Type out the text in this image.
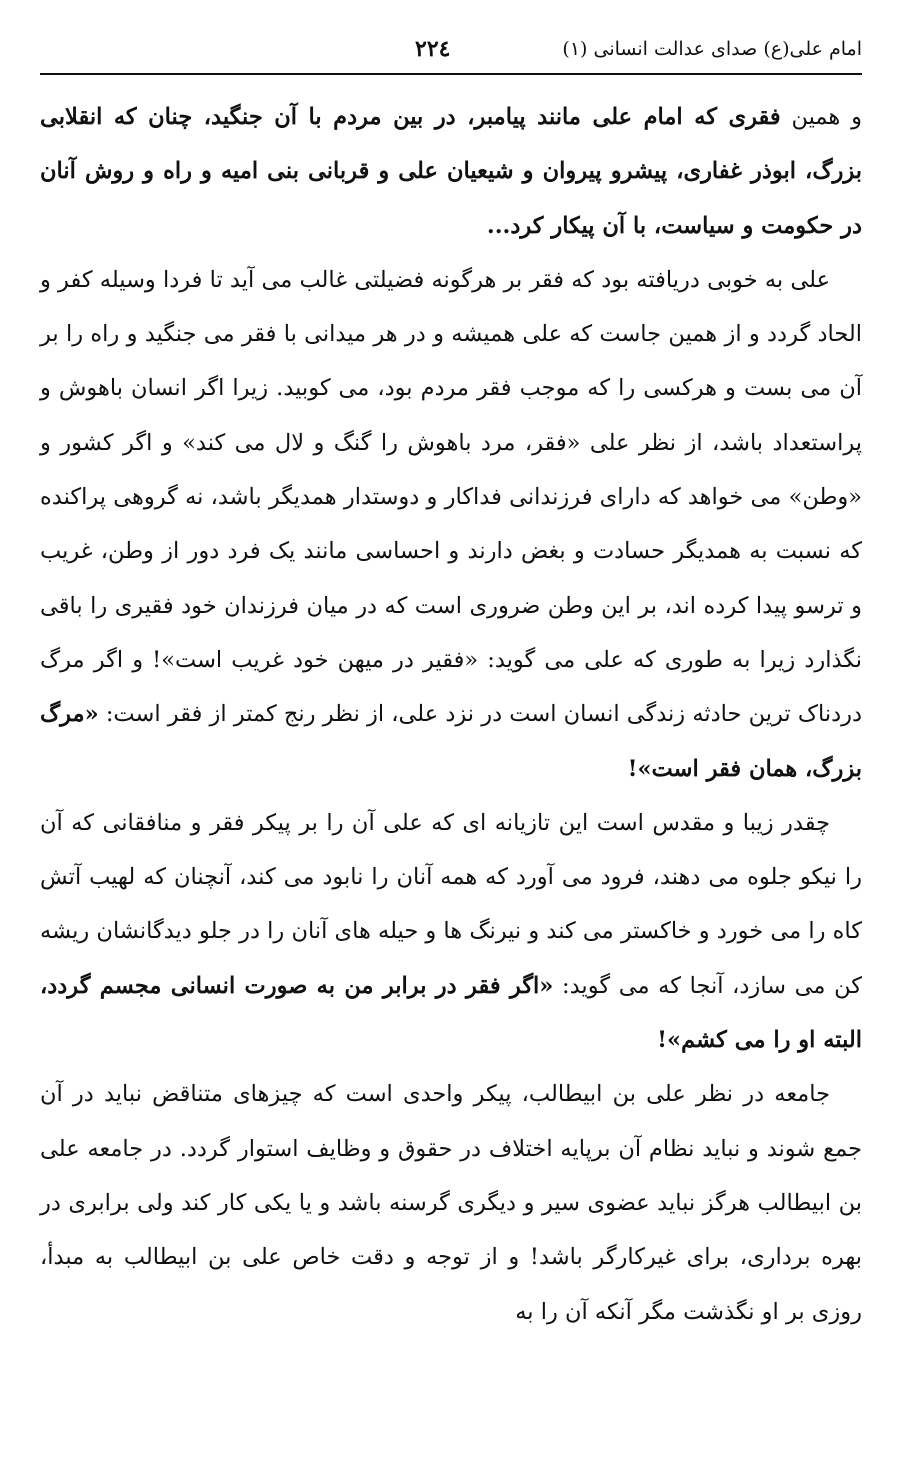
امام علی(ع) صدای عدالت انسانی (۱)
۲۲٤

و همین فقری که امام علی مانند پیامبر، در بین مردم با آن جنگید، چنان که انقلابی بزرگ، ابوذر غفاری، پیشرو پیروان و شیعیان علی و قربانی بنی امیه و راه و روش آنان در حکومت و سیاست، با آن پیکار کرد...

علی به خوبی دریافته بود که فقر بر هرگونه فضیلتی غالب می آید تا فردا وسیله کفر و الحاد گردد و از همین جاست که علی همیشه و در هر میدانی با فقر می جنگید و راه را بر آن می بست و هرکسی را که موجب فقر مردم بود، می کوبید. زیرا اگر انسان باهوش و پراستعداد باشد، از نظر علی «فقر، مرد باهوش را گنگ و لال می کند» و اگر کشور و «وطن» می خواهد که دارای فرزندانی فداکار و دوستدار همدیگر باشد، نه گروهی پراکنده که نسبت به همدیگر حسادت و بغض دارند و احساسی مانند یک فرد دور از وطن، غریب و ترسو پیدا کرده اند، بر این وطن ضروری است که در میان فرزندان خود فقیری را باقی نگذارد زیرا به طوری که علی می گوید: «فقیر در میهن خود غریب است»! و اگر مرگ دردناک ترین حادثه زندگی انسان است در نزد علی، از نظر رنج کمتر از فقر است: «مرگ بزرگ، همان فقر است»!

چقدر زیبا و مقدس است این تازیانه ای که علی آن را بر پیکر فقر و منافقانی که آن را نیکو جلوه می دهند، فرود می آورد که همه آنان را نابود می کند، آنچنان که لهیب آتش کاه را می خورد و خاکستر می کند و نیرنگ ها و حیله های آنان را در جلو دیدگانشان ریشه کن می سازد، آنجا که می گوید: «اگر فقر در برابر من به صورت انسانی مجسم گردد، البته او را می کشم»!

جامعه در نظر علی بن ابیطالب، پیکر واحدی است که چیزهای متناقض نباید در آن جمع شوند و نباید نظام آن برپایه اختلاف در حقوق و وظایف استوار گردد. در جامعه علی بن ابیطالب هرگز نباید عضوی سیر و دیگری گرسنه باشد و یا یکی کار کند ولی برابری در بهره برداری، برای غیرکارگر باشد! و از توجه و دقت خاص علی بن ابیطالب به مبدأ، روزی بر او نگذشت مگر آنکه آن را به
